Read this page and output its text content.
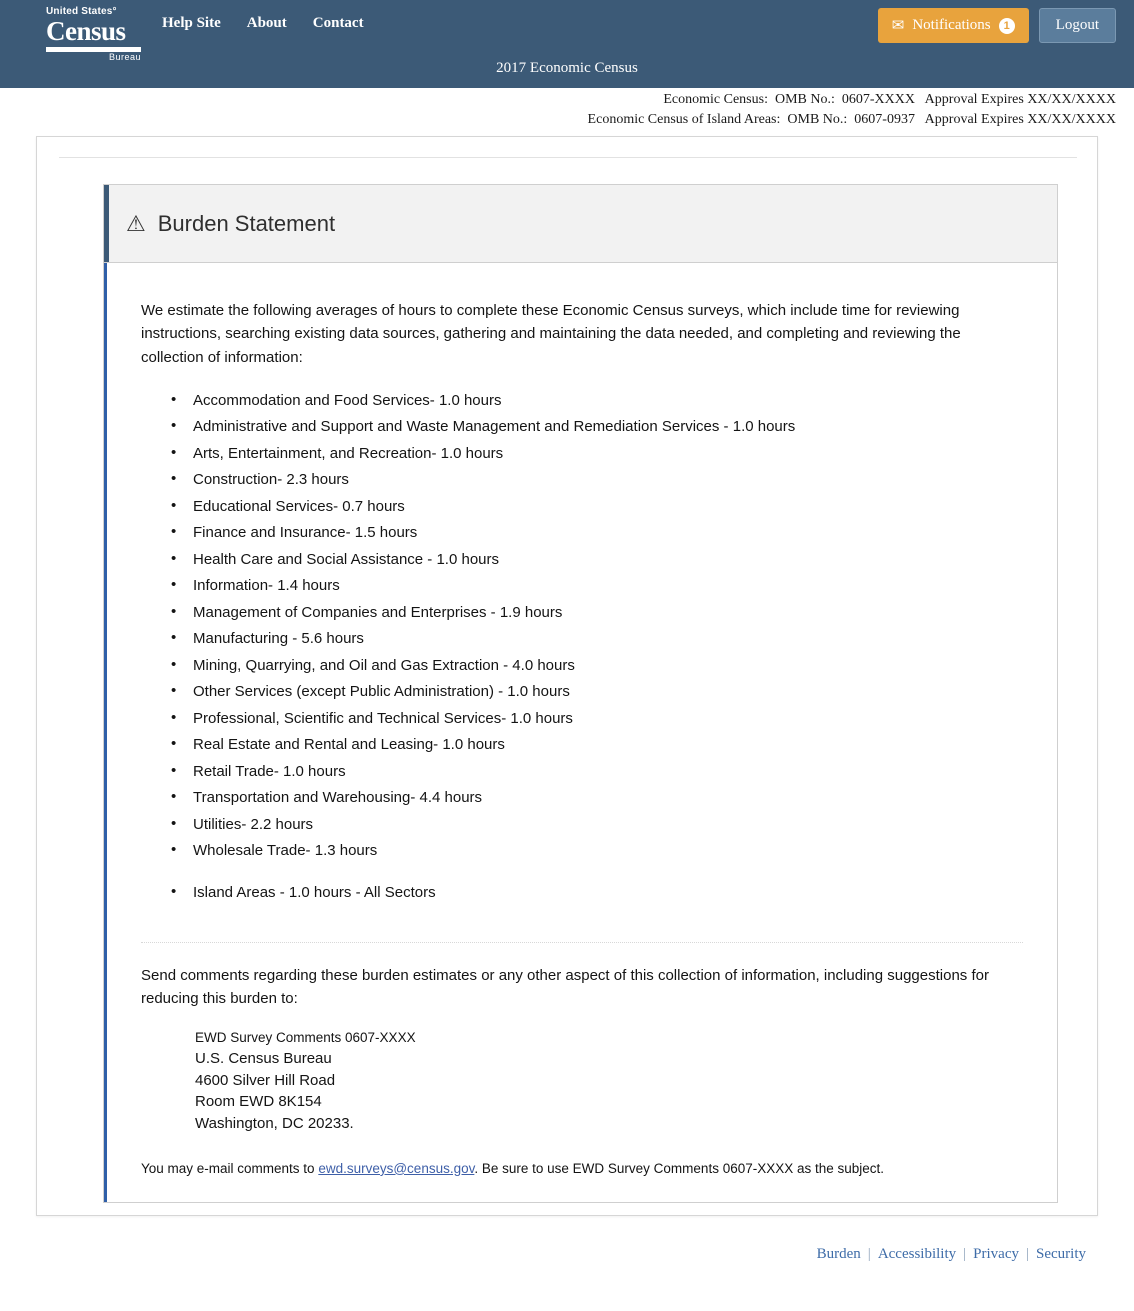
United States°
Census
Bureau
Help Site About Contact	✉ Notifications	1	Logout
2017 Economic Census
Economic Census:  OMB No.:  0607-XXXX   Approval Expires XX/XX/XXXX
Economic Census of Island Areas:  OMB No.:  0607-0937   Approval Expires XX/XX/XXXX
⚠ Burden Statement

We estimate the following averages of hours to complete these Economic Census surveys, which include time for reviewing instructions, searching existing data sources, gathering and maintaining the data needed, and completing and reviewing the collection of information:

• Accommodation and Food Services- 1.0 hours
• Administrative and Support and Waste Management and Remediation Services - 1.0 hours
• Arts, Entertainment, and Recreation- 1.0 hours
• Construction- 2.3 hours
• Educational Services- 0.7 hours
• Finance and Insurance- 1.5 hours
• Health Care and Social Assistance - 1.0 hours
• Information- 1.4 hours
• Management of Companies and Enterprises - 1.9 hours
• Manufacturing - 5.6 hours
• Mining, Quarrying, and Oil and Gas Extraction - 4.0 hours
• Other Services (except Public Administration) - 1.0 hours
• Professional, Scientific and Technical Services- 1.0 hours
• Real Estate and Rental and Leasing- 1.0 hours
• Retail Trade- 1.0 hours
• Transportation and Warehousing- 4.4 hours
• Utilities- 2.2 hours
• Wholesale Trade- 1.3 hours
• Island Areas - 1.0 hours - All Sectors

Send comments regarding these burden estimates or any other aspect of this collection of information, including suggestions for reducing this burden to:

EWD Survey Comments 0607-XXXX
U.S. Census Bureau
4600 Silver Hill Road
Room EWD 8K154
Washington, DC 20233.

You may e-mail comments to ewd.surveys@census.gov. Be sure to use EWD Survey Comments 0607-XXXX as the subject.

Burden | Accessibility | Privacy | Security
